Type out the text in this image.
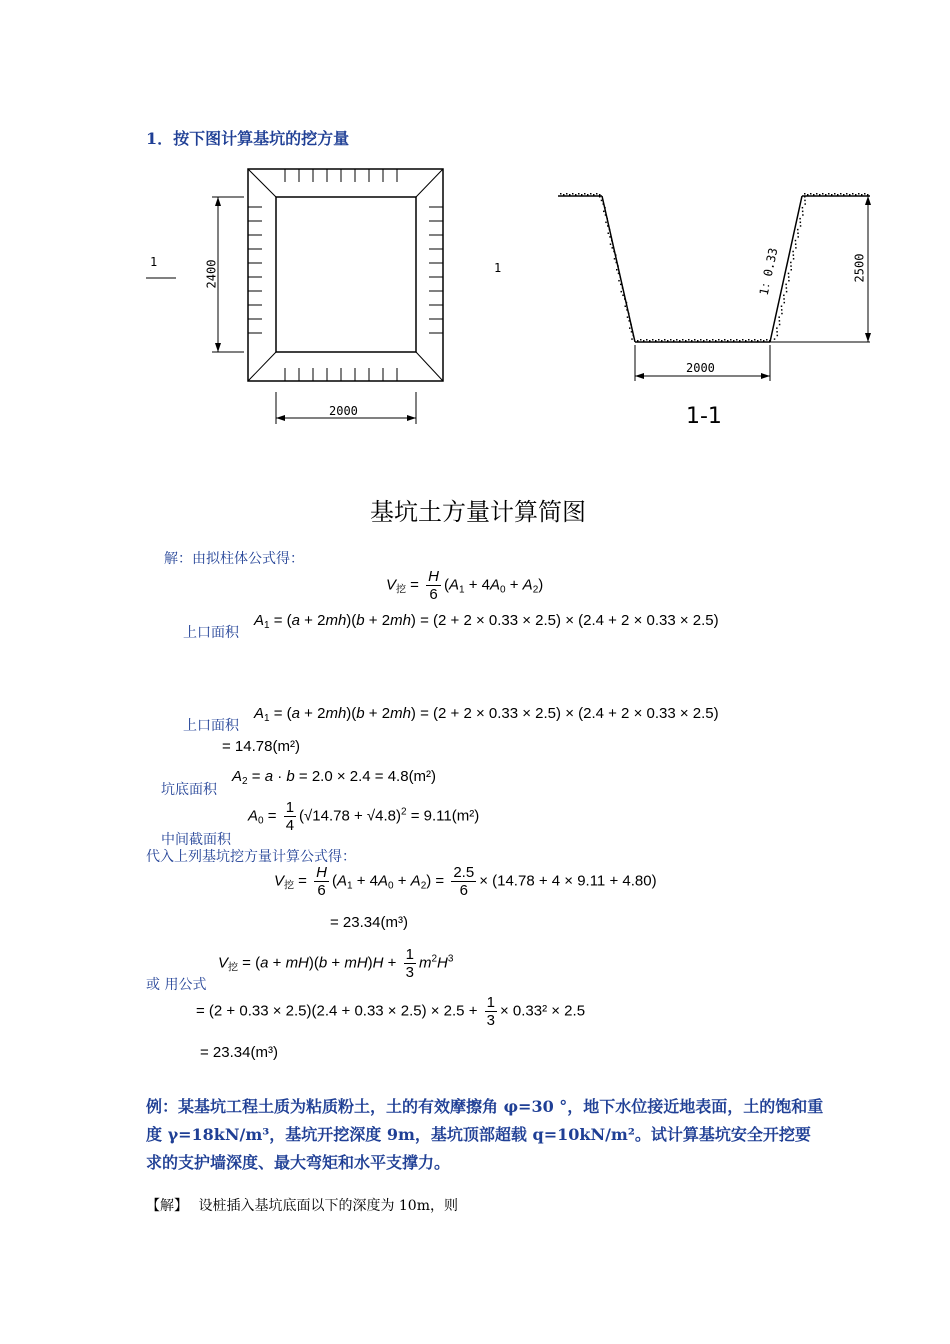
1．按下图计算基坑的挖方量
1	1
2400
2000
1：0.33	2500
2000
1-1
基坑土方量计算简图
解：由拟柱体公式得：
$V_挖 = \frac{H}{6} (A_1 + 4A_0 + A_2)$
上口面积
$A_1 = (a + 2mh)(b + 2mh) = (2 + 2 \times 0.33 \times 2.5) \times (2.4 + 2 \times 0.33 \times 2.5)$
上口面积
$A_1 = (a + 2mh)(b + 2mh) = (2 + 2 \times 0.33 \times 2.5) \times (2.4 + 2 \times 0.33 \times 2.5)$
= 14.78(m²)
坑底面积
$A_2 = a \cdot b = 2.0 \times 2.4 = 4.8(m^2)$
$A_0 = \frac{1}{4} (√14.78 + √4.8)^2 = 9.11(m^2)$
中间截面积
代入上列基坑挖方量计算公式得：
$V_挖 = \frac{H}{6} (A_1 + 4A_0 + A_2) = \frac{2.5}{6} \times (14.78 + 4 \times 9.11 + 4.80)$
= 23.34(m³)
或 用公式
$V_挖 = (a + mH)(b + mH)H + \frac{1}{3} m^2H^3$
= $(2 + 0.33 \times 2.5)(2.4 + 0.33 \times 2.5) \times 2.5 + \frac{1}{3} \times 0.33^2 \times 2.5$
= 23.34(m³)
例：某基坑工程土质为粘质粉土，土的有效摩擦角 φ=30 °，地下水位接近地表面，土的饱和重度 γ=18kN/m³，基坑开挖深度 9m，基坑顶部超载 q=10kN/m²。试计算基坑安全开挖要求的支护墙深度、最大弯矩和水平支撑力。
【解】 设桩插入基坑底面以下的深度为 10m，则
